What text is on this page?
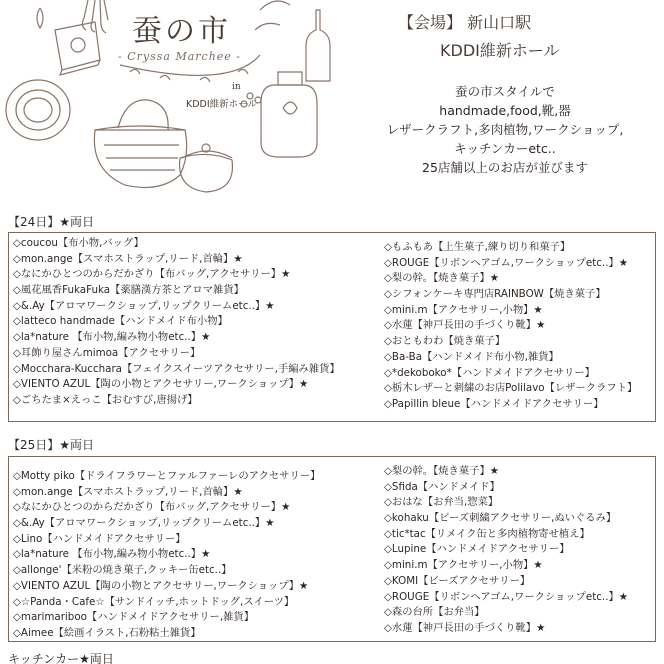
蚕の市
- Cryssa Marchee -
in
KDDI維新ホール
【会場】 新山口駅
KDDI維新ホール
蚕の市スタイルで
handmade,food,靴,器
レザークラフト,多肉植物,ワークショップ,
キッチンカーetc..
25店舗以上のお店が並びます
【24日】★両日
◇coucou【布小物,バッグ】
◇mon.ange【スマホストラップ,リード,首輪】★
◇なにかひとつのからだかざり【布バッグ,アクセサリー】★
◇風花風香FukaFuka【薬膳漢方茶とアロマ雑貨】
◇&.Ay【アロマワークショップ,リップクリームetc..】★
◇latteco handmade【ハンドメイド布小物】
◇la*nature 【布小物,編み物小物etc..】★
◇耳飾り屋さんmimoa【アクセサリー】
◇Mocchara-Kucchara【フェイクスイーツアクセサリー,手編み雑貨】
◇VIENTO AZUL【陶の小物とアクセサリー,ワークショップ】★
◇ごちたま×えっこ【おむすび,唐揚げ】
◇もふもあ【上生菓子,練り切り和菓子】
◇ROUGE【リボンヘアゴム,ワークショップetc..】★
◇梨の幹。【焼き菓子】★
◇シフォンケーキ専門店RAINBOW【焼き菓子】
◇mini.m【アクセサリー,小物】★
◇水蓮【神戸長田の手づくり靴】★
◇おともわわ【焼き菓子】
◇Ba-Ba【ハンドメイド布小物,雑貨】
◇*dekoboko*【ハンドメイドアクセサリー】
◇栃木レザーと刺繍のお店Polilavo【レザークラフト】
◇Papillin bleue【ハンドメイドアクセサリー】
【25日】★両日
◇Motty piko【ドライフラワーとファルファーレのアクセサリー】
◇mon.ange【スマホストラップ,リード,首輪】★
◇なにかひとつのからだかざり【布バッグ,アクセサリー】★
◇&.Ay【アロマワークショップ,リップクリームetc..】★
◇Lino【ハンドメイドアクセサリー】
◇la*nature 【布小物,編み物小物etc..】★
◇allonge'【米粉の焼き菓子,クッキー缶etc..】
◇VIENTO AZUL【陶の小物とアクセサリー,ワークショップ】★
◇☆Panda・Cafe☆【サンドイッチ,ホットドッグ,スイーツ】
◇marimariboo【ハンドメイドアクセサリー,雑貨】
◇Aimee【絵画イラスト,石粉粘土雑貨】
◇梨の幹。【焼き菓子】★
◇Sfida【ハンドメイド】
◇おはな【お弁当,惣菜】
◇kohaku【ビーズ刺繍アクセサリー,ぬいぐるみ】
◇tic*tac【リメイク缶と多肉植物寄せ植え】
◇Lupine【ハンドメイドアクセサリー】
◇mini.m【アクセサリー,小物】★
◇KOMI【ビーズアクセサリー】
◇ROUGE【リボンヘアゴム,ワークショップetc..】★
◇森の台所【お弁当】
◇水蓮【神戸長田の手づくり靴】★
キッチンカー★両日
